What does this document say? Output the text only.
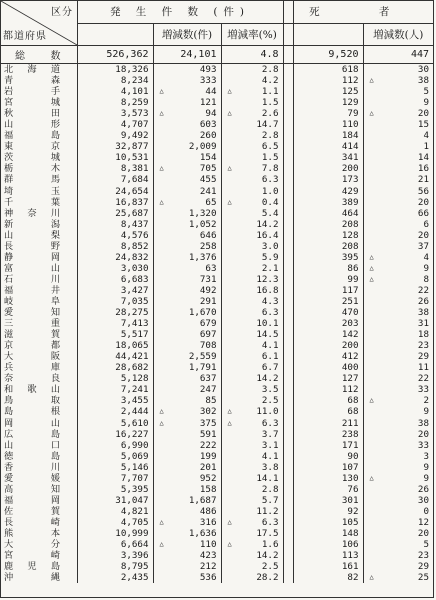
区分
都道府県	発 生 件 数 (件)				死 者	
		増減数(件)	増減率(%)			増減数(人)
総 数	526,362	24,101	4.8		9,520	447

北 海 道	18,326	493	2.8		618	30

青 森	8,234	333	4.2		112	△ 38

岩 手	4,101	△ 44	△ 1.1		125	5

宮 城	8,259	121	1.5		129	9

秋 田	3,573	△ 94	△ 2.6		79	△ 20

山 形	4,707	603	14.7		110	15

福 島	9,492	260	2.8		184	4

東 京	32,877	2,009	6.5		414	1

茨 城	10,531	154	1.5		341	14

栃 木	8,381	△ 705	△ 7.8		200	16

群 馬	7,684	455	6.3		173	21

埼 玉	24,654	241	1.0		429	56

千 葉	16,837	△ 65	△ 0.4		389	20

神 奈 川	25,687	1,320	5.4		464	66

新 潟	8,437	1,052	14.2		208	6

山 梨	4,576	646	16.4		128	20

長 野	8,852	258	3.0		208	37

静 岡	24,832	1,376	5.9		395	△ 4

富 山	3,030	63	2.1		86	△ 9

石 川	6,683	731	12.3		99	△ 8

福 井	3,427	492	16.8		117	22

岐 阜	7,035	291	4.3		251	26

愛 知	28,275	1,670	6.3		470	38

三 重	7,413	679	10.1		203	31

滋 賀	5,517	697	14.5		142	18

京 都	18,065	708	4.1		200	23

大 阪	44,421	2,559	6.1		412	29

兵 庫	28,682	1,791	6.7		400	11

奈 良	5,128	637	14.2		127	22

和 歌 山	7,241	247	3.5		112	33

鳥 取	3,455	85	2.5		68	△ 2

島 根	2,444	△ 302	△ 11.0		68	9

岡 山	5,610	△ 375	△ 6.3		211	38

広 島	16,227	591	3.7		238	20

山 口	6,990	222	3.1		171	33

徳 島	5,069	199	4.1		90	3

香 川	5,146	201	3.8		107	9

愛 媛	7,707	952	14.1		130	△ 9

高 知	5,395	158	2.8		76	26

福 岡	31,047	1,687	5.7		301	30

佐 賀	4,821	486	11.2		92	0

長 崎	4,705	△ 316	△ 6.3		105	12

熊 本	10,999	1,636	17.5		148	20

大 分	6,664	△ 110	△ 1.6		106	5

宮 崎	3,396	423	14.2		113	23

鹿 児 島	8,795	212	2.5		161	29

沖 縄	2,435	536	28.2		82	△ 25
